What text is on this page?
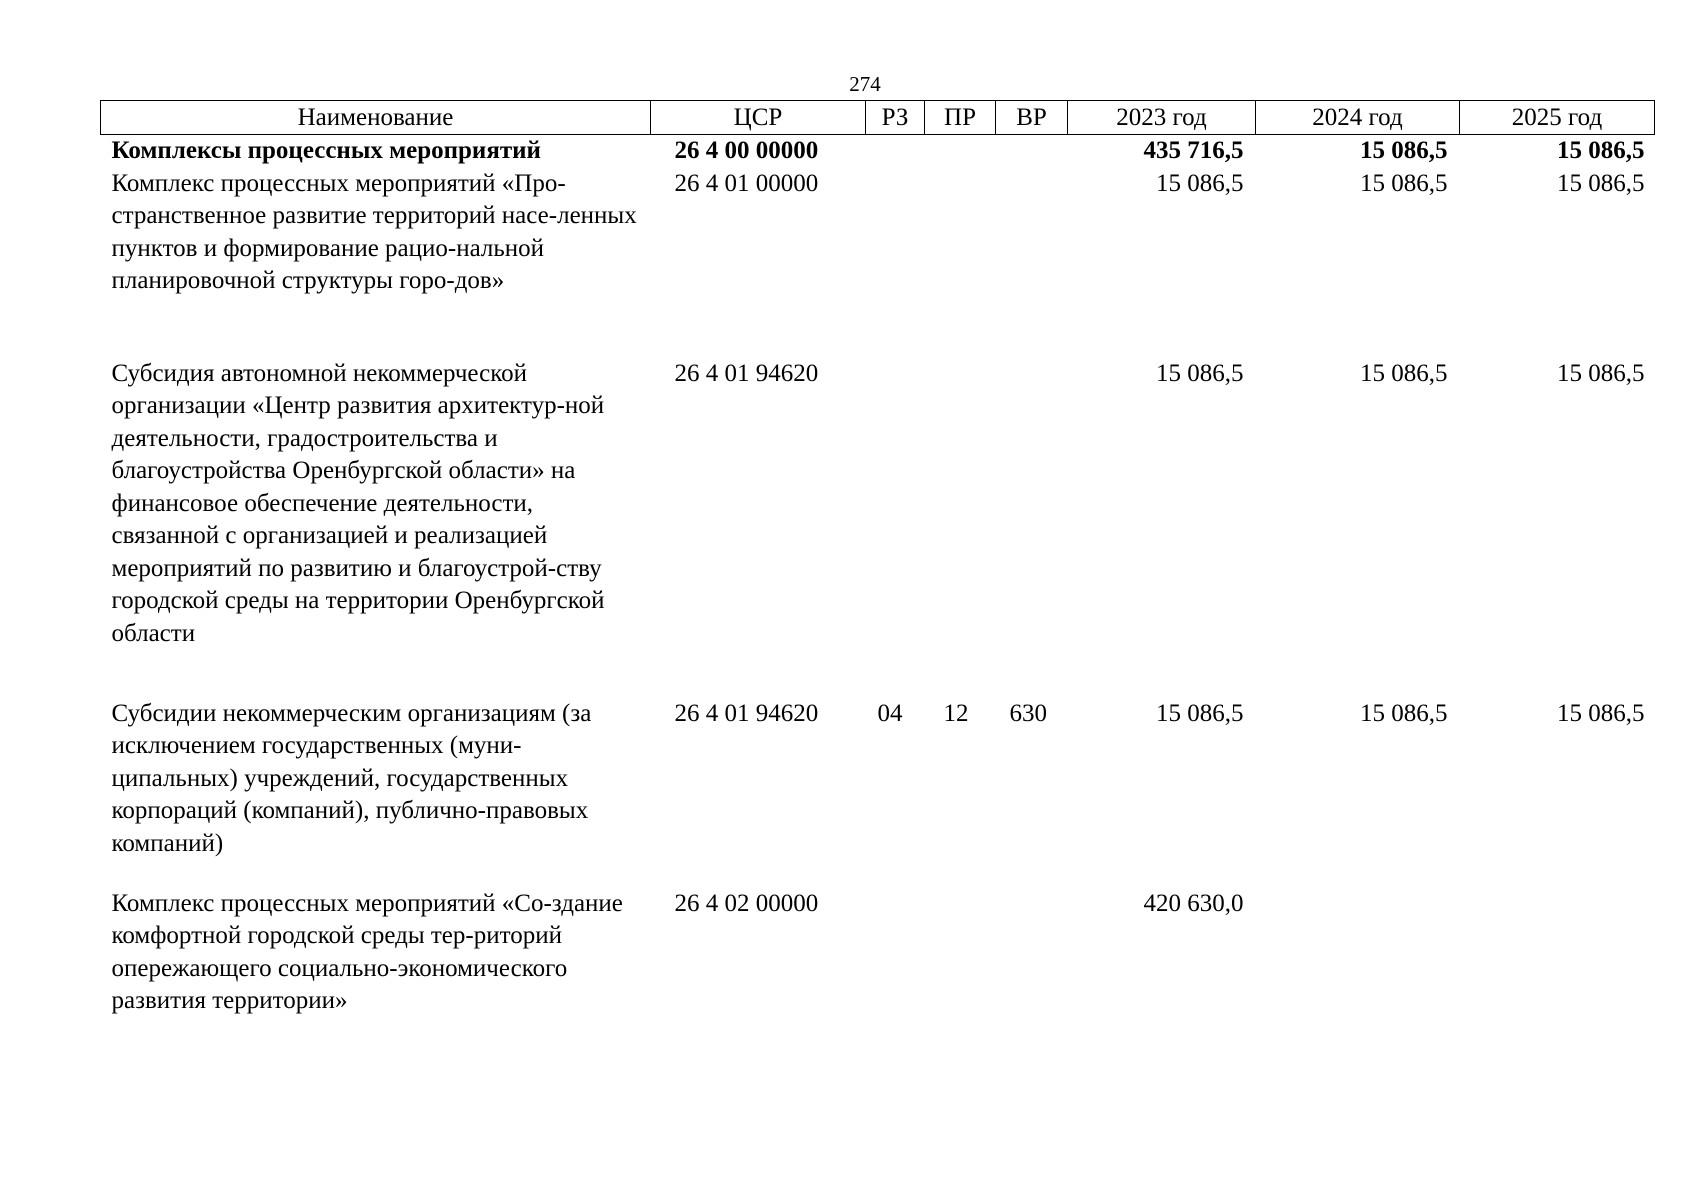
274
Наименование	ЦСР	РЗ	ПР	ВР	2023 год	2024 год	2025 год
Комплексы процессных мероприятий	26 4 00 00000				435 716,5	15 086,5	15 086,5
Комплекс процессных мероприятий «Про-странственное развитие территорий насе-ленных пунктов и формирование рацио-нальной планировочной структуры горо-дов»	26 4 01 00000				15 086,5	15 086,5	15 086,5
Субсидия автономной некоммерческой организации «Центр развития архитектур-ной деятельности, градостроительства и благоустройства Оренбургской области» на финансовое обеспечение деятельности, связанной с организацией и реализацией мероприятий по развитию и благоустрой-ству городской среды на территории Оренбургской области	26 4 01 94620				15 086,5	15 086,5	15 086,5
Субсидии некоммерческим организациям (за исключением государственных (муни-ципальных) учреждений, государственных корпораций (компаний), публично-правовых компаний)	26 4 01 94620	04	12	630	15 086,5	15 086,5	15 086,5
Комплекс процессных мероприятий «Со-здание комфортной городской среды тер-риторий опережающего социально-экономического развития территории»	26 4 02 00000				420 630,0		
